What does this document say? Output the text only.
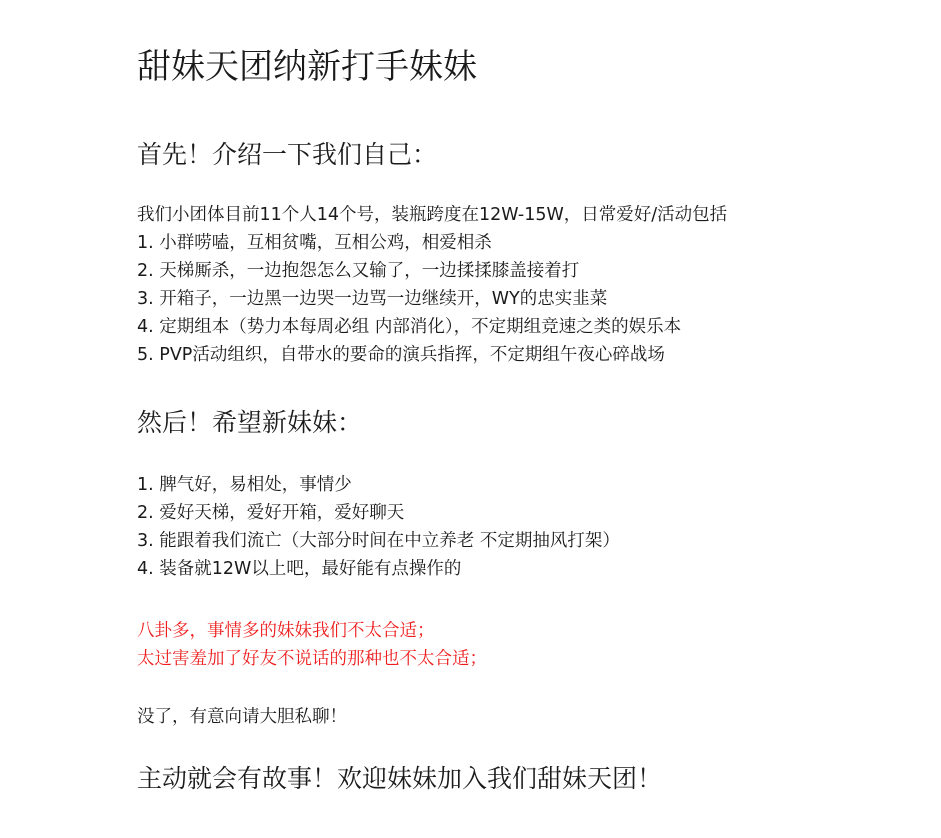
甜妹天团纳新打手妹妹
首先！介绍一下我们自己：
我们小团体目前11个人14个号，装瓶跨度在12W-15W，日常爱好/活动包括
1. 小群唠嗑，互相贫嘴，互相公鸡，相爱相杀
2. 天梯厮杀，一边抱怨怎么又输了，一边揉揉膝盖接着打
3. 开箱子，一边黑一边哭一边骂一边继续开，WY的忠实韭菜
4. 定期组本（势力本每周必组 内部消化），不定期组竞速之类的娱乐本
5. PVP活动组织，自带水的要命的演兵指挥，不定期组午夜心碎战场
然后！希望新妹妹：
1. 脾气好，易相处，事情少
2. 爱好天梯，爱好开箱，爱好聊天
3. 能跟着我们流亡（大部分时间在中立养老 不定期抽风打架）
4. 装备就12W以上吧，最好能有点操作的
八卦多，事情多的妹妹我们不太合适；
太过害羞加了好友不说话的那种也不太合适；
没了，有意向请大胆私聊！
主动就会有故事！欢迎妹妹加入我们甜妹天团！
